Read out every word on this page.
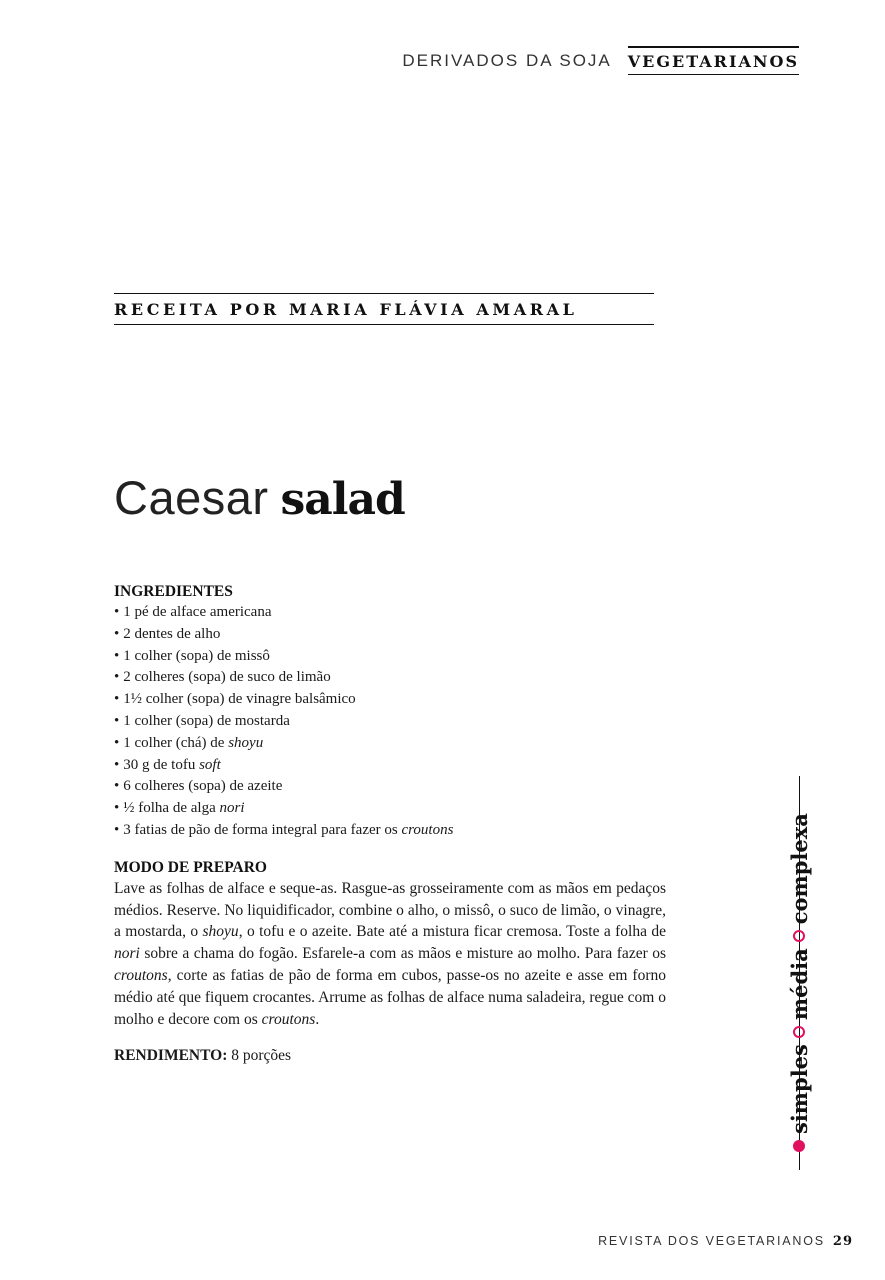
DERIVADOS DA SOJA VEGETARIANOS
RECEITA POR MARIA FLÁVIA AMARAL
Caesar salad
INGREDIENTES
• 1 pé de alface americana
• 2 dentes de alho
• 1 colher (sopa) de missô
• 2 colheres (sopa) de suco de limão
• 1½ colher (sopa) de vinagre balsâmico
• 1 colher (sopa) de mostarda
• 1 colher (chá) de shoyu
• 30 g de tofu soft
• 6 colheres (sopa) de azeite
• ½ folha de alga nori
• 3 fatias de pão de forma integral para fazer os croutons
MODO DE PREPARO

Lave as folhas de alface e seque-as. Rasgue-as grosseiramente com as mãos em pedaços médios. Reserve. No liquidificador, combine o alho, o missô, o suco de limão, o vinagre, a mostarda, o shoyu, o tofu e o azeite. Bate até a mistura ficar cremosa. Toste a folha de nori sobre a chama do fogão. Esfarele-a com as mãos e misture ao molho. Para fazer os croutons, corte as fatias de pão de forma em cubos, passe-os no azeite e asse em forno médio até que fiquem crocantes. Arrume as folhas de alface numa saladeira, regue com o molho e decore com os croutons.

RENDIMENTO: 8 porções	simples
média
complexa
REVISTA DOS VEGETARIANOS 29
